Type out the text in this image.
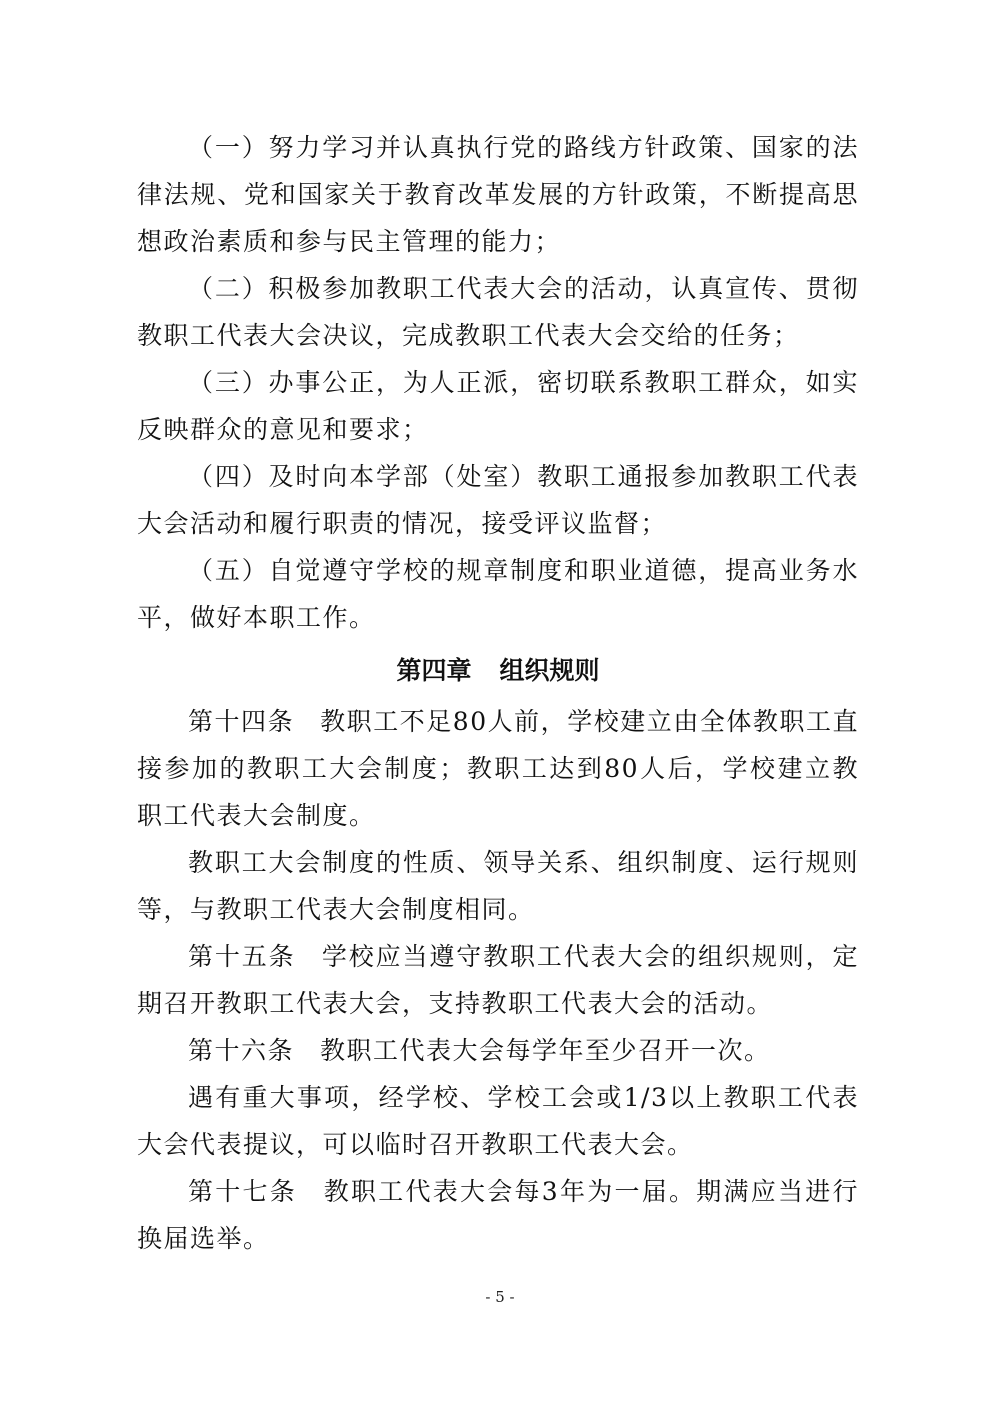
（一）努力学习并认真执行党的路线方针政策、国家的法律法规、党和国家关于教育改革发展的方针政策，不断提高思想政治素质和参与民主管理的能力；

（二）积极参加教职工代表大会的活动，认真宣传、贯彻教职工代表大会决议，完成教职工代表大会交给的任务；

（三）办事公正，为人正派，密切联系教职工群众，如实反映群众的意见和要求；

（四）及时向本学部（处室）教职工通报参加教职工代表大会活动和履行职责的情况，接受评议监督；

（五）自觉遵守学校的规章制度和职业道德，提高业务水平，做好本职工作。

第四章 组织规则

第十四条 教职工不足80人前，学校建立由全体教职工直接参加的教职工大会制度；教职工达到80人后，学校建立教职工代表大会制度。

教职工大会制度的性质、领导关系、组织制度、运行规则等，与教职工代表大会制度相同。

第十五条 学校应当遵守教职工代表大会的组织规则，定期召开教职工代表大会，支持教职工代表大会的活动。

第十六条 教职工代表大会每学年至少召开一次。

遇有重大事项，经学校、学校工会或1/3以上教职工代表大会代表提议，可以临时召开教职工代表大会。

第十七条 教职工代表大会每3年为一届。期满应当进行换届选举。

- 5 -
